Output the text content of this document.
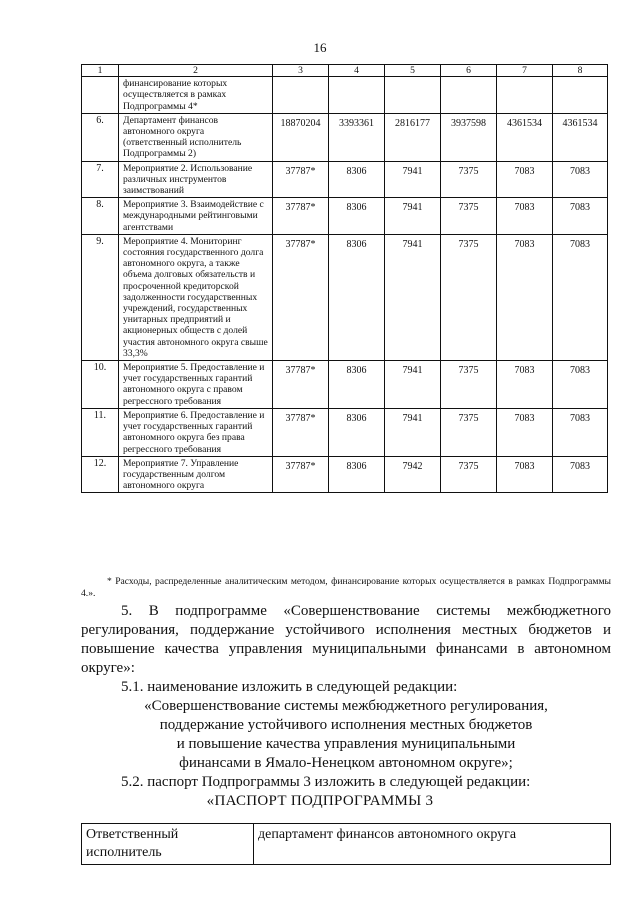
16
1	2	3	4	5	6	7	8
	финансирование которых осуществляется в рамках Подпрограммы 4*						
6.	Департамент финансов автономного округа (ответственный исполнитель Подпрограммы 2)	18870204	3393361	2816177	3937598	4361534	4361534
7.	Мероприятие 2. Использование различных инструментов заимствований	37787*	8306	7941	7375	7083	7083
8.	Мероприятие 3. Взаимодействие с международными рейтинговыми агентствами	37787*	8306	7941	7375	7083	7083
9.	Мероприятие 4. Мониторинг состояния государственного долга автономного округа, а также объема долговых обязательств и просроченной кредиторской задолженности государственных учреждений, государственных унитарных предприятий и акционерных обществ с долей участия автономного округа свыше 33,3%	37787*	8306	7941	7375	7083	7083
10.	Мероприятие 5. Предоставление и учет государственных гарантий автономного округа с правом регрессного требования	37787*	8306	7941	7375	7083	7083
11.	Мероприятие 6. Предоставление и учет государственных гарантий автономного округа без права регрессного требования	37787*	8306	7941	7375	7083	7083
12.	Мероприятие 7. Управление государственным долгом автономного округа	37787*	8306	7942	7375	7083	7083
* Расходы, распределенные аналитическим методом, финансирование которых осуществляется в рамках Подпрограммы 4.».

5. В подпрограмме «Совершенствование системы межбюджетного

регулирования, поддержание устойчивого исполнения местных бюджетов и

повышение качества управления муниципальными финансами в автономном

округе»:

5.1. наименование изложить в следующей редакции:

«Совершенствование системы межбюджетного регулирования,

поддержание устойчивого исполнения местных бюджетов

и повышение качества управления муниципальными

финансами в Ямало-Ненецком автономном округе»;

5.2. паспорт Подпрограммы 3 изложить в следующей редакции:

«ПАСПОРТ ПОДПРОГРАММЫ 3
Ответственный исполнитель	департамент финансов автономного округа
